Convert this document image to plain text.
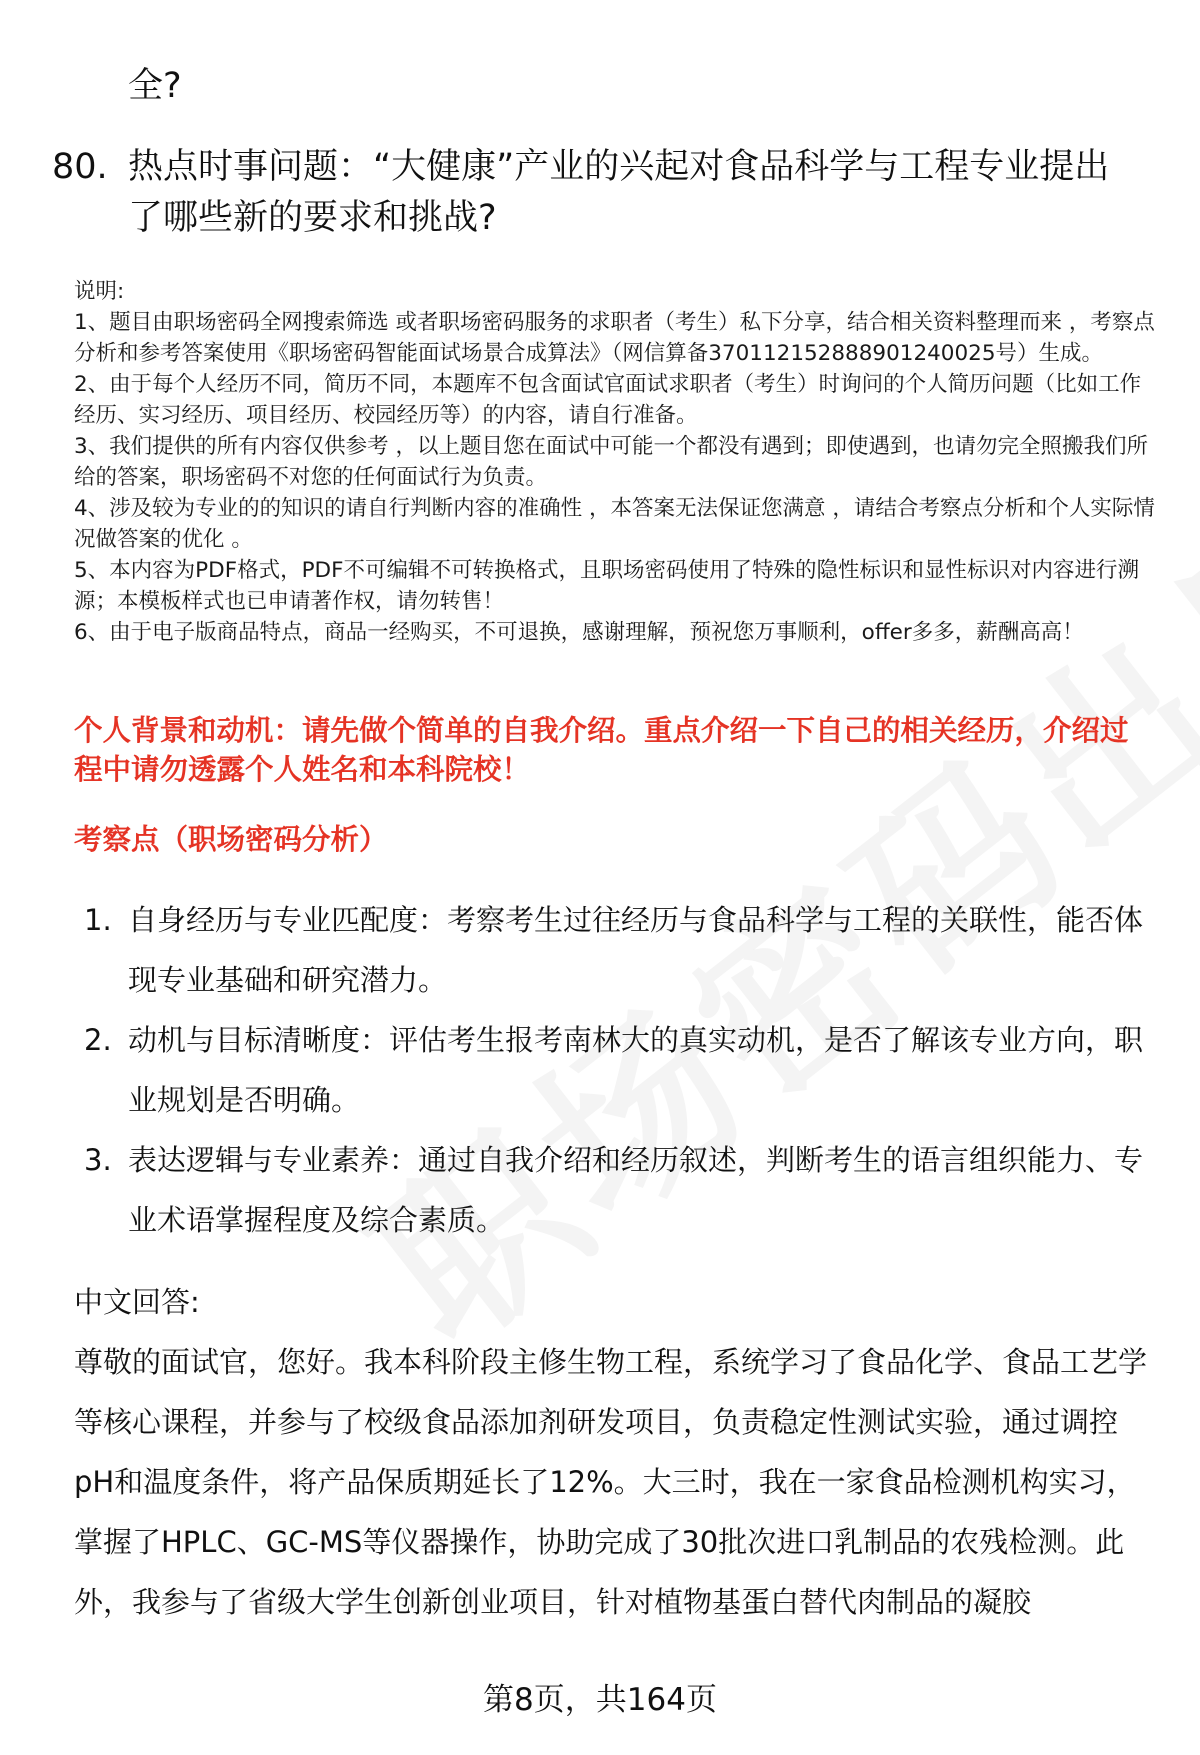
全?
80. 热点时事问题：“大健康”产业的兴起对食品科学与工程专业提出了哪些新的要求和挑战?

说明:

1、题目由职场密码全网搜索筛选 或者职场密码服务的求职者（考生）私下分享，结合相关资料整理而来 ，考察点分析和参考答案使用《职场密码智能面试场景合成算法》（网信算备370112152888901240025号）生成。

2、由于每个人经历不同，简历不同，本题库不包含面试官面试求职者（考生）时询问的个人简历问题（比如工作经历、实习经历、项目经历、校园经历等）的内容，请自行准备。

3、我们提供的所有内容仅供参考 ，以上题目您在面试中可能一个都没有遇到；即使遇到，也请勿完全照搬我们所给的答案，职场密码不对您的任何面试行为负责。

4、涉及较为专业的的知识的请自行判断内容的准确性 ，本答案无法保证您满意 ，请结合考察点分析和个人实际情况做答案的优化 。

5、本内容为PDF格式，PDF不可编辑不可转换格式，且职场密码使用了特殊的隐性标识和显性标识对内容进行溯源；本模板样式也已申请著作权，请勿转售！

6、由于电子版商品特点，商品一经购买，不可退换，感谢理解，预祝您万事顺利，offer多多，薪酬高高！

个人背景和动机：请先做个简单的自我介绍。重点介绍一下自己的相关经历，介绍过程中请勿透露个人姓名和本科院校！

考察点（职场密码分析）

1. 自身经历与专业匹配度：考察考生过往经历与食品科学与工程的关联性，能否体现专业基础和研究潜力。
2. 动机与目标清晰度：评估考生报考南林大的真实动机，是否了解该专业方向，职业规划是否明确。
3. 表达逻辑与专业素养：通过自我介绍和经历叙述，判断考生的语言组织能力、专业术语掌握程度及综合素质。

中文回答:

尊敬的面试官，您好。我本科阶段主修生物工程，系统学习了食品化学、食品工艺学等核心课程，并参与了校级食品添加剂研发项目，负责稳定性测试实验，通过调控pH和温度条件，将产品保质期延长了12%。大三时，我在一家食品检测机构实习，掌握了HPLC、GC-MS等仪器操作，协助完成了30批次进口乳制品的农残检测。此外，我参与了省级大学生创新创业项目，针对植物基蛋白替代肉制品的凝胶

第8页，共164页
